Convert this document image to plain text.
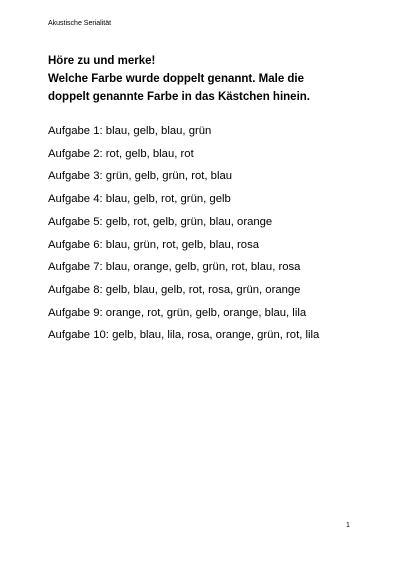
Akustische Serialität
Höre zu und merke!
Welche Farbe wurde doppelt genannt. Male die
doppelt genannte Farbe in das Kästchen hinein.
Aufgabe 1: blau, gelb, blau, grün
Aufgabe 2: rot, gelb, blau, rot
Aufgabe 3: grün, gelb, grün, rot, blau
Aufgabe 4: blau, gelb, rot, grün, gelb
Aufgabe 5: gelb, rot, gelb, grün, blau, orange
Aufgabe 6: blau, grün, rot, gelb, blau, rosa
Aufgabe 7: blau, orange, gelb, grün, rot, blau, rosa
Aufgabe 8: gelb, blau, gelb, rot, rosa, grün, orange
Aufgabe 9: orange, rot, grün, gelb, orange, blau, lila
Aufgabe 10: gelb, blau, lila, rosa, orange, grün, rot, lila
1
